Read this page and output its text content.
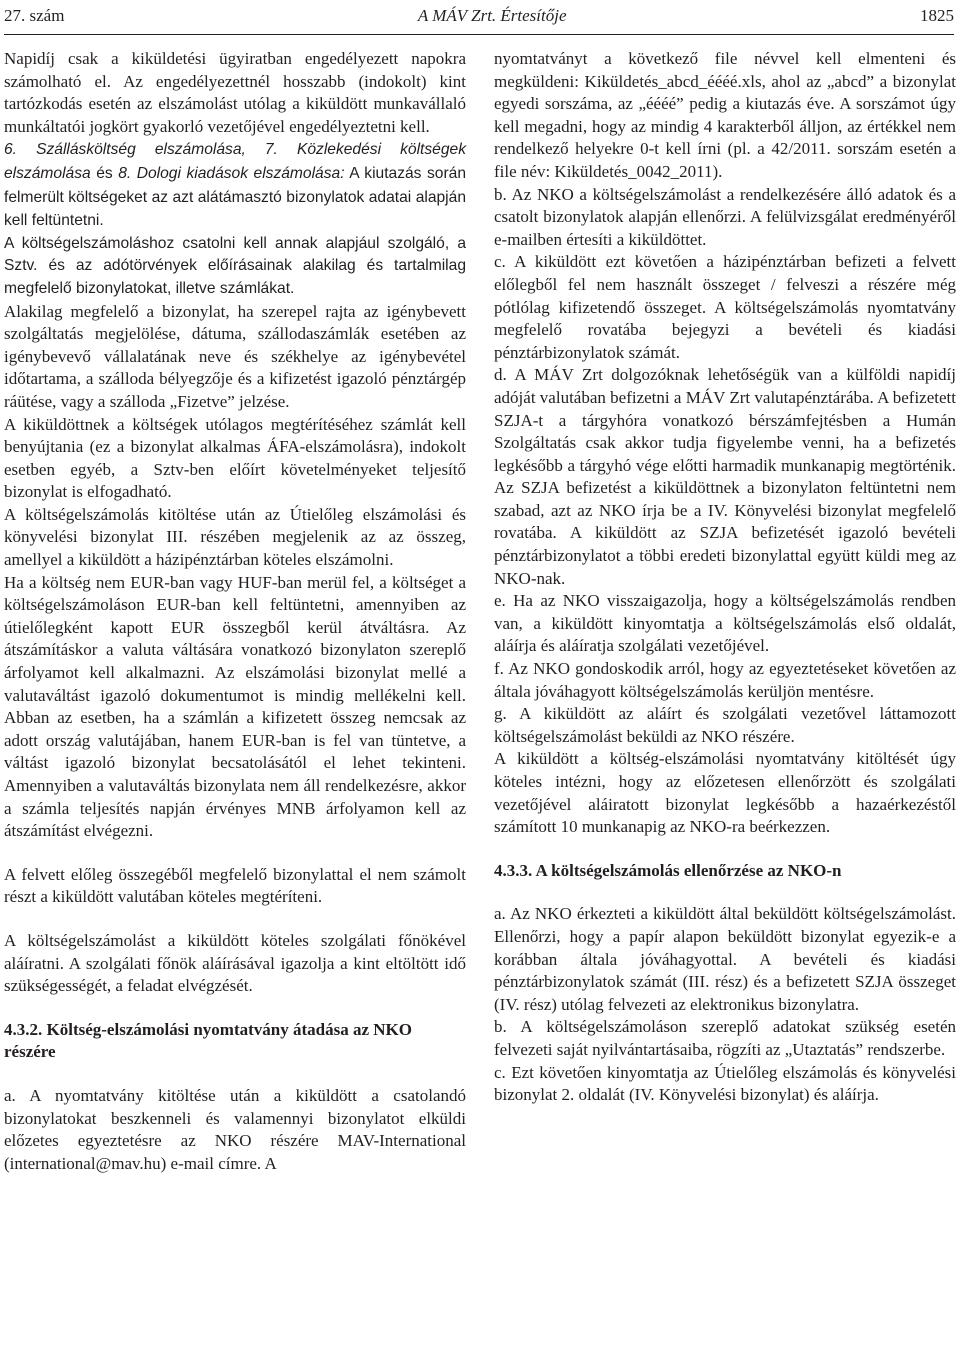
27. szám	A MÁV Zrt. Értesítője	1825

Napidíj csak a kiküldetési ügyiratban engedélyezett napokra számolható el. Az engedélyezettnél hosszabb (indokolt) kint tartózkodás esetén az elszámolást utólag a kiküldött munkavállaló munkáltatói jogkört gyakorló vezetőjével engedélyeztetni kell.

6. Szállásköltség elszámolása, 7. Közlekedési költségek elszámolása és 8. Dologi kiadások elszámolása: A kiutazás során felmerült költségeket az azt alátámasztó bizonylatok adatai alapján kell feltüntetni.

A költségelszámoláshoz csatolni kell annak alapjául szolgáló, a Sztv. és az adótörvények előírásainak alakilag és tartalmilag megfelelő bizonylatokat, illetve számlákat.

Alakilag megfelelő a bizonylat, ha szerepel rajta az igénybevett szolgáltatás megjelölése, dátuma, szállodaszámlák esetében az igénybevevő vállalatának neve és székhelye az igénybevétel időtartama, a szálloda bélyegzője és a kifizetést igazoló pénztárgép ráütése, vagy a szálloda „Fizetve” jelzése.

A kiküldöttnek a költségek utólagos megtérítéséhez számlát kell benyújtania (ez a bizonylat alkalmas ÁFA-elszámolásra), indokolt esetben egyéb, a Sztv-ben előírt követelményeket teljesítő bizonylat is elfogadható.

A költségelszámolás kitöltése után az Útielőleg elszámolási és könyvelési bizonylat III. részében megjelenik az az összeg, amellyel a kiküldött a házipénztárban köteles elszámolni.

Ha a költség nem EUR-ban vagy HUF-ban merül fel, a költséget a költségelszámoláson EUR-ban kell feltüntetni, amennyiben az útielőlegként kapott EUR összegből kerül átváltásra. Az átszámításkor a valuta váltására vonatkozó bizonylaton szereplő árfolyamot kell alkalmazni. Az elszámolási bizonylat mellé a valutaváltást igazoló dokumentumot is mindig mellékelni kell. Abban az esetben, ha a számlán a kifizetett összeg nemcsak az adott ország valutájában, hanem EUR-ban is fel van tüntetve, a váltást igazoló bizonylat becsatolásától el lehet tekinteni. Amennyiben a valutaváltás bizonylata nem áll rendelkezésre, akkor a számla teljesítés napján érvényes MNB árfolyamon kell az átszámítást elvégezni.

A felvett előleg összegéből megfelelő bizonylattal el nem számolt részt a kiküldött valutában köteles megtéríteni.

A költségelszámolást a kiküldött köteles szolgálati főnökével aláíratni. A szolgálati főnök aláírásával igazolja a kint eltöltött idő szükségességét, a feladat elvégzését.

4.3.2. Költség-elszámolási nyomtatvány átadása az NKO részére

a. A nyomtatvány kitöltése után a kiküldött a csatolandó bizonylatokat beszkenneli és valamennyi bizonylatot elküldi előzetes egyeztetésre az NKO részére MAV-International (international@mav.hu) e-mail címre. A

nyomtatványt a következő file névvel kell elmenteni és megküldeni: Kiküldetés_abcd_éééé.xls, ahol az „abcd” a bizonylat egyedi sorszáma, az „éééé” pedig a kiutazás éve. A sorszámot úgy kell megadni, hogy az mindig 4 karakterből álljon, az értékkel nem rendelkező helyekre 0-t kell írni (pl. a 42/2011. sorszám esetén a file név: Kiküldetés_0042_2011).

b. Az NKO a költségelszámolást a rendelkezésére álló adatok és a csatolt bizonylatok alapján ellenőrzi. A felülvizsgálat eredményéről e-mailben értesíti a kiküldöttet.

c. A kiküldött ezt követően a házipénztárban befizeti a felvett előlegből fel nem használt összeget / felveszi a részére még pótlólag kifizetendő összeget. A költségelszámolás nyomtatvány megfelelő rovatába bejegyzi a bevételi és kiadási pénztárbizonylatok számát.

d. A MÁV Zrt dolgozóknak lehetőségük van a külföldi napidíj adóját valutában befizetni a MÁV Zrt valutapénztárába. A befizetett SZJA-t a tárgyhóra vonatkozó bérszámfejtésben a Humán Szolgáltatás csak akkor tudja figyelembe venni, ha a befizetés legkésőbb a tárgyhó vége előtti harmadik munkanapig megtörténik. Az SZJA befizetést a kiküldöttnek a bizonylaton feltüntetni nem szabad, azt az NKO írja be a IV. Könyvelési bizonylat megfelelő rovatába. A kiküldött az SZJA befizetését igazoló bevételi pénztárbizonylatot a többi eredeti bizonylattal együtt küldi meg az NKO-nak.

e. Ha az NKO visszaigazolja, hogy a költségelszámolás rendben van, a kiküldött kinyomtatja a költségelszámolás első oldalát, aláírja és aláíratja szolgálati vezetőjével.

f. Az NKO gondoskodik arról, hogy az egyeztetéseket követően az általa jóváhagyott költségelszámolás kerüljön mentésre.

g. A kiküldött az aláírt és szolgálati vezetővel láttamozott költségelszámolást beküldi az NKO részére.

A kiküldött a költség-elszámolási nyomtatvány kitöltését úgy köteles intézni, hogy az előzetesen ellenőrzött és szolgálati vezetőjével aláiratott bizonylat legkésőbb a hazaérkezéstől számított 10 munkanapig az NKO-ra beérkezzen.

4.3.3. A költségelszámolás ellenőrzése az NKO-n

a. Az NKO érkezteti a kiküldött által beküldött költségelszámolást. Ellenőrzi, hogy a papír alapon beküldött bizonylat egyezik-e a korábban általa jóváhagyottal. A bevételi és kiadási pénztárbizonylatok számát (III. rész) és a befizetett SZJA összeget (IV. rész) utólag felvezeti az elektronikus bizonylatra.

b. A költségelszámoláson szereplő adatokat szükség esetén felvezeti saját nyilvántartásaiba, rögzíti az „Utaztatás” rendszerbe.

c. Ezt követően kinyomtatja az Útielőleg elszámolás és könyvelési bizonylat 2. oldalát (IV. Könyvelési bizonylat) és aláírja.
